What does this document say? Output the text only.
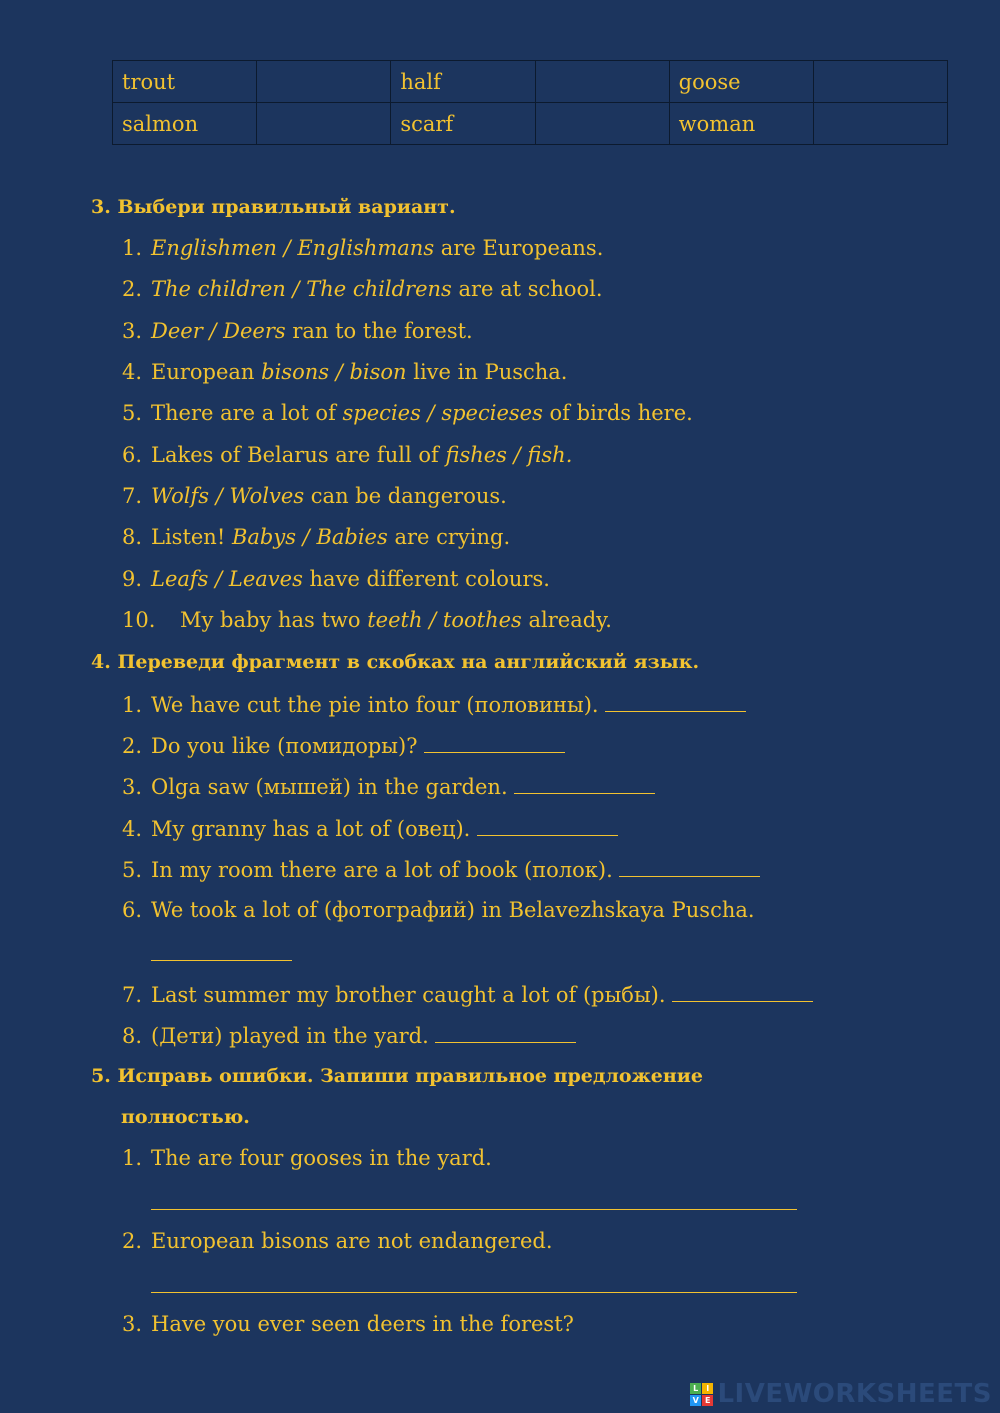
trout		half		goose	
salmon		scarf		woman	
3. Выбери правильный вариант.
1. Englishmen / Englishmans are Europeans.
2. The children / The childrens are at school.
3. Deer / Deers ran to the forest.
4. European bisons / bison live in Puscha.
5. There are a lot of species / specieses of birds here.
6. Lakes of Belarus are full of fishes / fish.
7. Wolfs / Wolves can be dangerous.
8. Listen! Babys / Babies are crying.
9. Leafs / Leaves have different colours.
10. My baby has two teeth / toothes already.
4. Переведи фрагмент в скобках на английский язык.
1. We have cut the pie into four (половины).
2. Do you like (помидоры)?
3. Olga saw (мышей) in the garden.
4. My granny has a lot of (овец).
5. In my room there are a lot of book (полок).
6. We took a lot of (фотографий) in Belavezhskaya Puscha.
7. Last summer my brother caught a lot of (рыбы).
8. (Дети) played in the yard.
5. Исправь ошибки. Запиши правильное предложение
полностью.
1. The are four gooses in the yard.
2. European bisons are not endangered.
3. Have you ever seen deers in the forest?
L I
V E LIVEWORKSHEETS
